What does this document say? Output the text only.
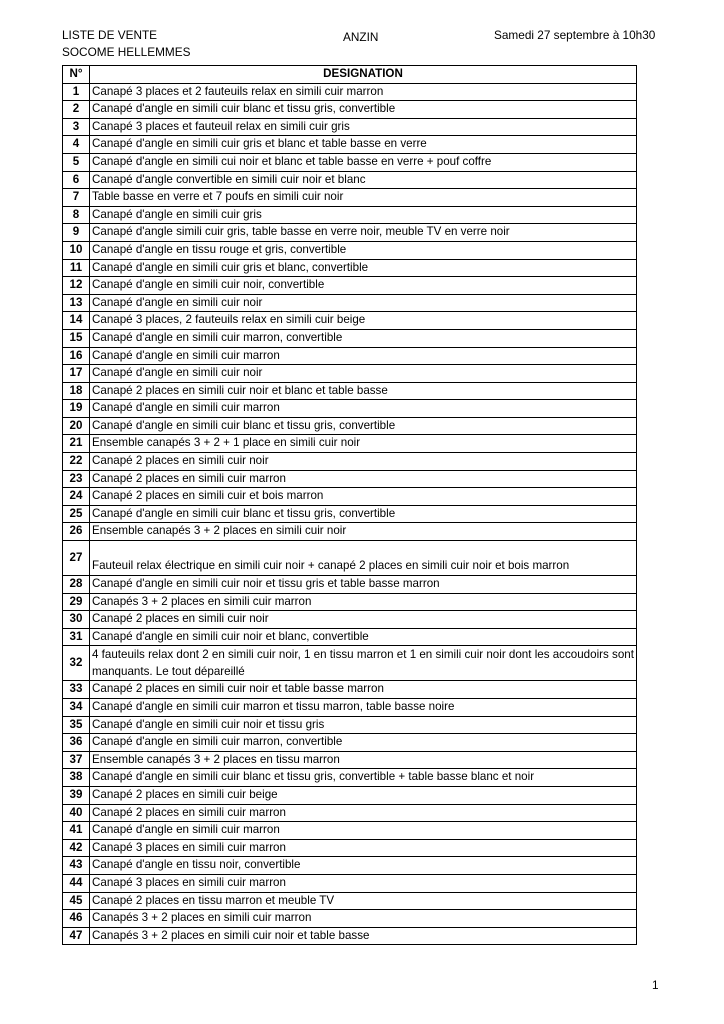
LISTE DE VENTE
SOCOME HELLEMMES
ANZIN	Samedi 27 septembre à 10h30
N°	DESIGNATION
1	Canapé 3 places et 2 fauteuils relax en simili cuir marron
2	Canapé d'angle en simili cuir blanc et tissu gris, convertible
3	Canapé 3 places et fauteuil relax en simili cuir gris
4	Canapé d'angle en simili cuir gris et blanc et table basse en verre
5	Canapé d'angle en simili cui noir et blanc et table basse en verre + pouf coffre
6	Canapé d'angle convertible en simili cuir noir et blanc
7	Table basse en verre et 7 poufs en simili cuir noir
8	Canapé d'angle en simili cuir gris
9	Canapé d'angle simili cuir gris, table basse en verre noir, meuble TV en verre noir
10	Canapé d'angle en tissu rouge et gris, convertible
11	Canapé d'angle en simili cuir gris et blanc, convertible
12	Canapé d'angle en simili cuir noir, convertible
13	Canapé d'angle en simili cuir noir
14	Canapé 3 places, 2 fauteuils relax en simili cuir beige
15	Canapé d'angle en simili cuir marron, convertible
16	Canapé d'angle en simili cuir marron
17	Canapé d'angle en simili cuir noir
18	Canapé 2 places en simili cuir noir et blanc et table basse
19	Canapé d'angle en simili cuir marron
20	Canapé d'angle en simili cuir blanc et tissu gris, convertible
21	Ensemble canapés 3 + 2 + 1 place en simili cuir noir
22	Canapé 2 places en simili cuir noir
23	Canapé 2 places en simili cuir marron
24	Canapé 2 places en simili cuir et bois marron
25	Canapé d'angle en simili cuir blanc et tissu gris, convertible
26	Ensemble canapés 3 + 2 places en simili cuir noir
27	Fauteuil relax électrique en simili cuir noir + canapé 2 places en simili cuir noir et bois marron
28	Canapé d'angle en simili cuir noir et tissu gris et table basse marron
29	Canapés 3 + 2 places en simili cuir marron
30	Canapé 2 places en simili cuir noir
31	Canapé d'angle en simili cuir noir et blanc, convertible
32	4 fauteuils relax dont 2 en simili cuir noir, 1 en tissu marron et 1 en simili cuir noir dont les accoudoirs sont manquants. Le tout dépareillé
33	Canapé 2 places en simili cuir noir et table basse marron
34	Canapé d'angle en simili cuir marron et tissu marron, table basse noire
35	Canapé d'angle en simili cuir noir et tissu gris
36	Canapé d'angle en simili cuir marron, convertible
37	Ensemble canapés 3 + 2 places en tissu marron
38	Canapé d'angle en simili cuir blanc et tissu gris, convertible + table basse blanc et noir
39	Canapé 2 places en simili cuir beige
40	Canapé 2 places en simili cuir marron
41	Canapé d'angle en simili cuir marron
42	Canapé 3 places en simili cuir marron
43	Canapé d'angle en tissu noir, convertible
44	Canapé 3 places en simili cuir marron
45	Canapé 2 places en tissu marron et meuble TV
46	Canapés 3 + 2 places en simili cuir marron
47	Canapés 3 + 2 places en simili cuir noir et table basse
1
